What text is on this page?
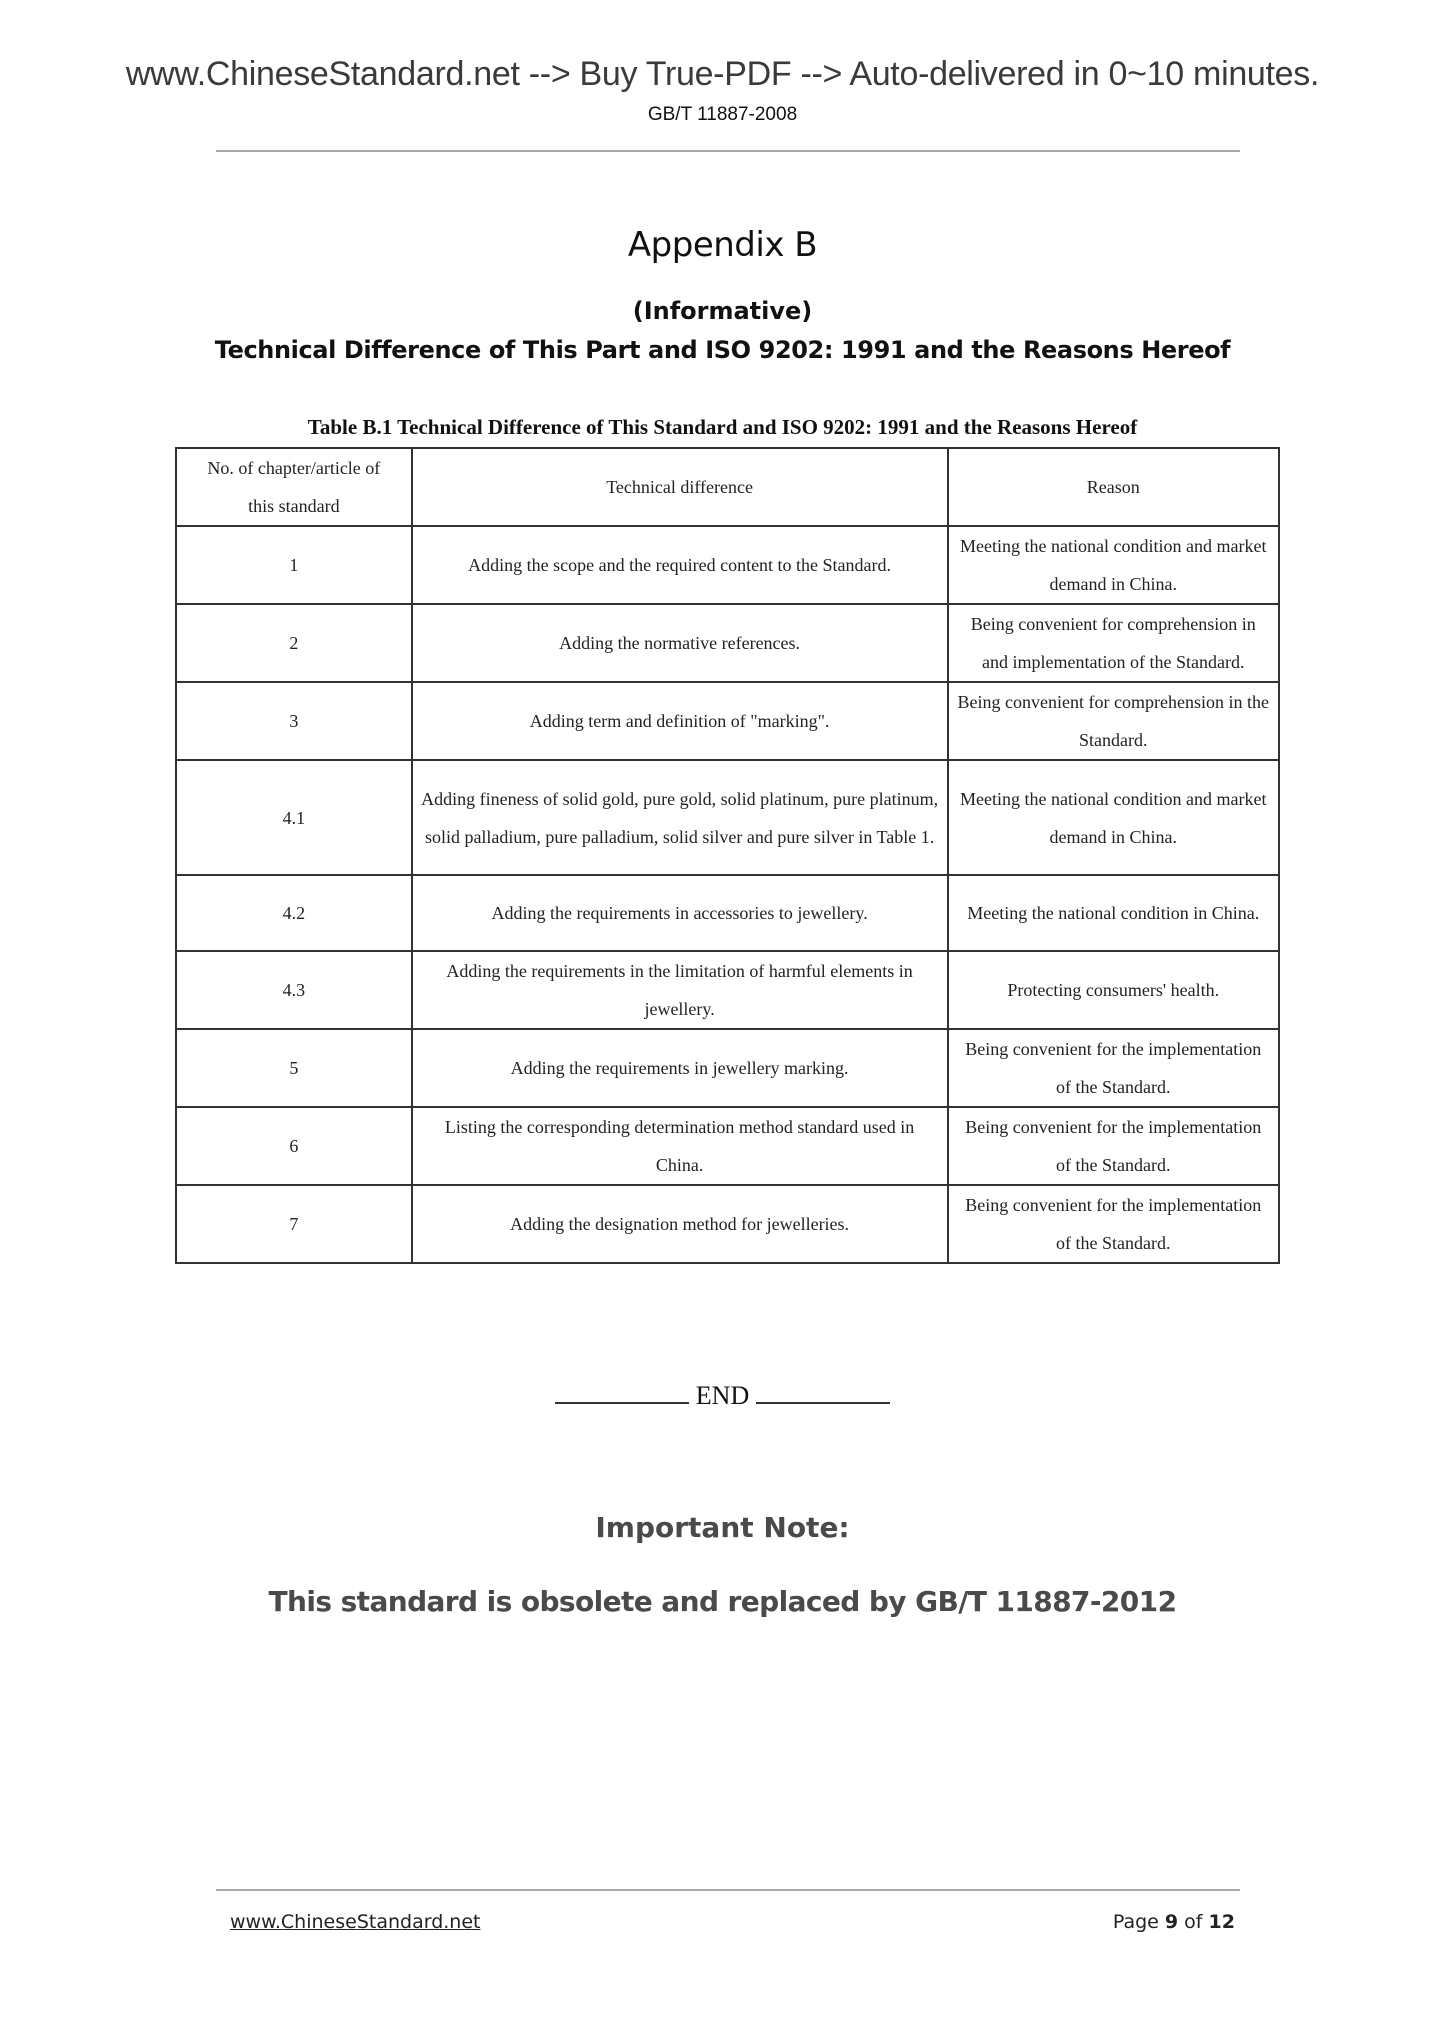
www.ChineseStandard.net --> Buy True-PDF --> Auto-delivered in 0~10 minutes.
GB/T 11887-2008
Appendix B
(Informative)
Technical Difference of This Part and ISO 9202: 1991 and the Reasons Hereof
Table B.1 Technical Difference of This Standard and ISO 9202: 1991 and the Reasons Hereof
No. of chapter/article of
this standard	Technical difference	Reason
1	Adding the scope and the required content to the Standard.	Meeting the national condition and market demand in China.
2	Adding the normative references.	Being convenient for comprehension in and implementation of the Standard.
3	Adding term and definition of "marking".	Being convenient for comprehension in the Standard.
4.1	Adding fineness of solid gold, pure gold, solid platinum, pure platinum, solid palladium, pure palladium, solid silver and pure silver in Table 1.	Meeting the national condition and market demand in China.
4.2	Adding the requirements in accessories to jewellery.	Meeting the national condition in China.
4.3	Adding the requirements in the limitation of harmful elements in jewellery.	Protecting consumers' health.
5	Adding the requirements in jewellery marking.	Being convenient for the implementation of the Standard.
6	Listing the corresponding determination method standard used in China.	Being convenient for the implementation of the Standard.
7	Adding the designation method for jewelleries.	Being convenient for the implementation of the Standard.
END
Important Note:
This standard is obsolete and replaced by GB/T 11887-2012
www.ChineseStandard.net	Page 9 of 12
